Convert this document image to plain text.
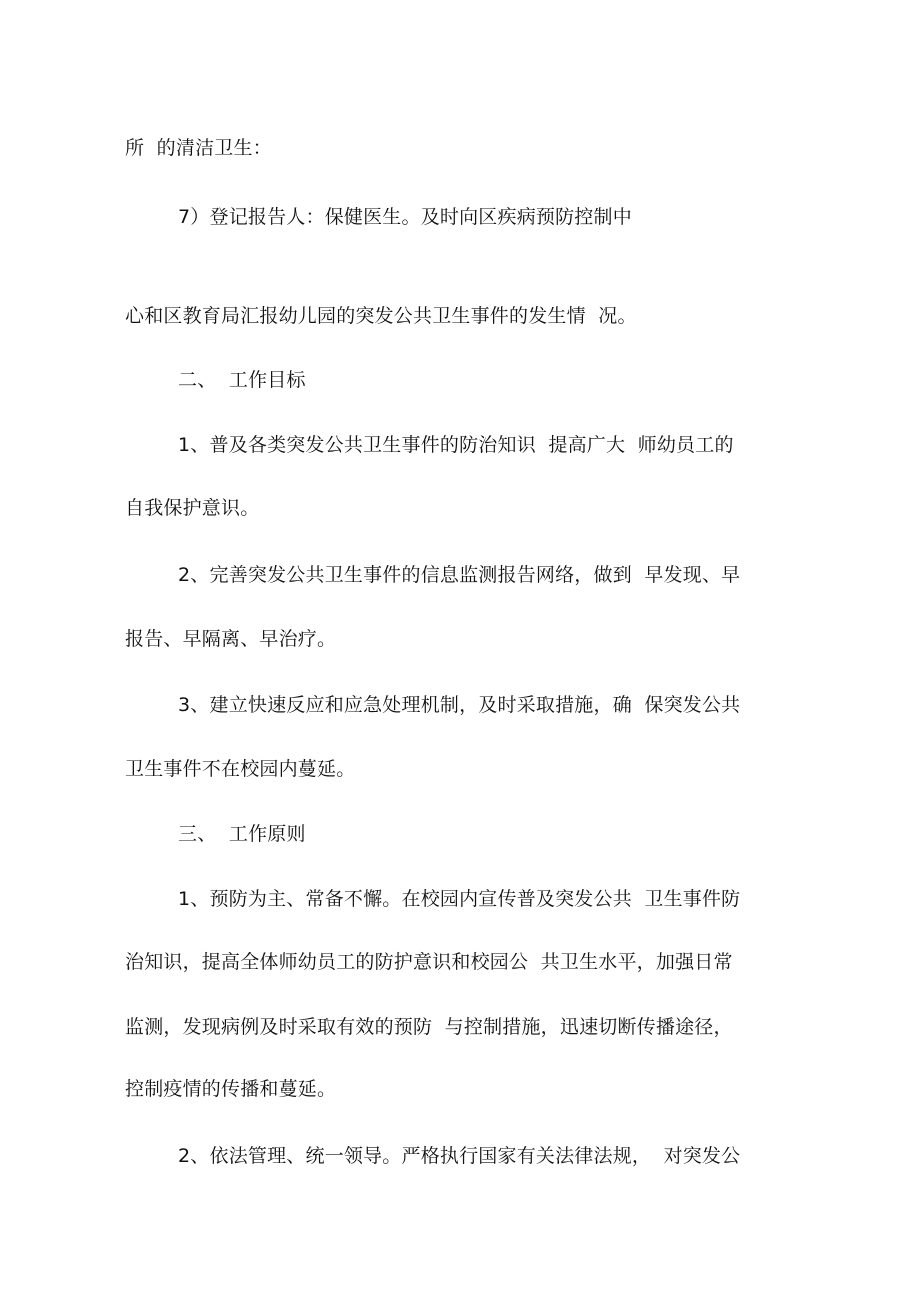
所  的清洁卫生：
7）登记报告人：保健医生。及时向区疾病预防控制中
心和区教育局汇报幼儿园的突发公共卫生事件的发生情  况。
二、  工作目标
1、普及各类突发公共卫生事件的防治知识  提高广大  师幼员工的
自我保护意识。
2、完善突发公共卫生事件的信息监测报告网络，做到  早发现、早
报告、早隔离、早治疗。
3、建立快速反应和应急处理机制，及时采取措施，确  保突发公共
卫生事件不在校园内蔓延。
三、  工作原则
1、预防为主、常备不懈。在校园内宣传普及突发公共  卫生事件防
治知识，提高全体师幼员工的防护意识和校园公  共卫生水平，加强日常
监测，发现病例及时采取有效的预防  与控制措施，迅速切断传播途径，
控制疫情的传播和蔓延。
2、依法管理、统一领导。严格执行国家有关法律法规，  对突发公
